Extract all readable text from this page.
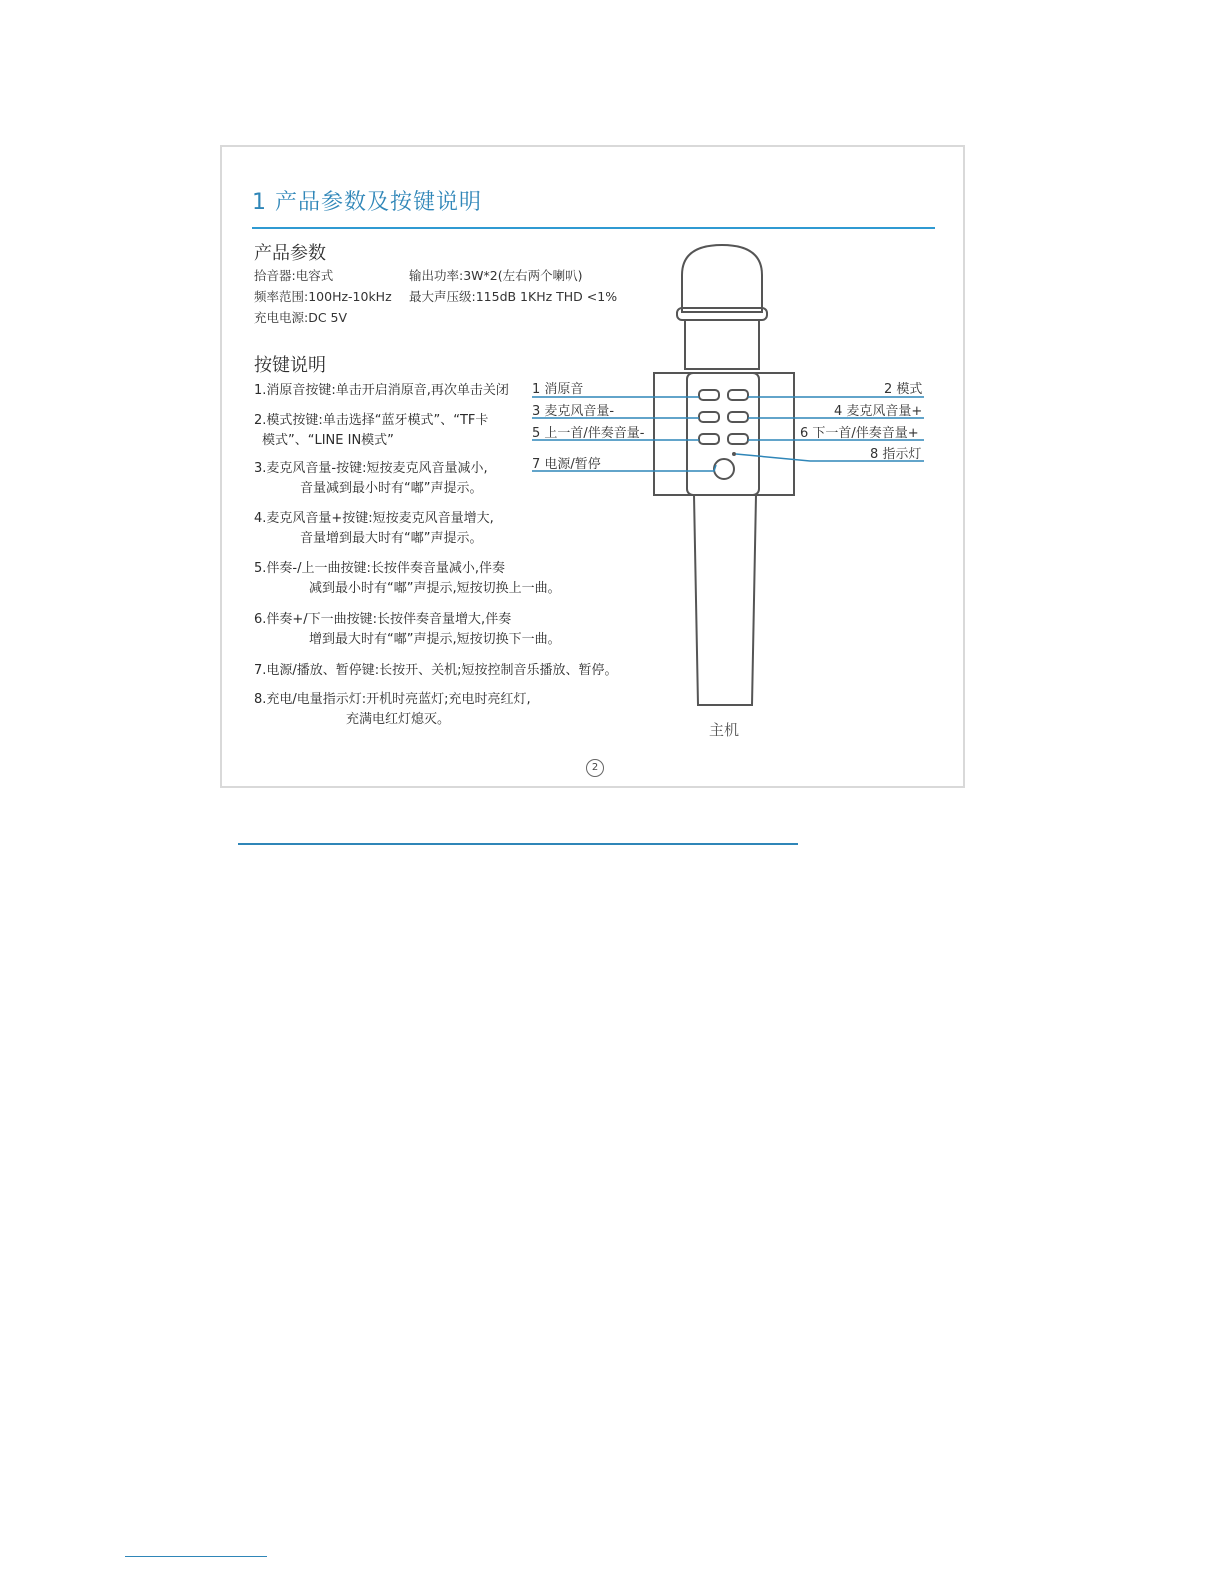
1 产品参数及按键说明
产品参数
拾音器:电容式	输出功率:3W*2(左右两个喇叭)
频率范围:100Hz-10kHz 最大声压级:115dB 1KHz THD <1%
充电电源:DC 5V
按键说明
1.消原音按键:单击开启消原音,再次单击关闭
2.模式按键:单击选择“蓝牙模式”、“TF卡
模式”、“LINE IN模式”
3.麦克风音量-按键:短按麦克风音量减小,
音量减到最小时有“嘟”声提示。
4.麦克风音量+按键:短按麦克风音量增大,
音量增到最大时有“嘟”声提示。
5.伴奏-/上一曲按键:长按伴奏音量减小,伴奏
减到最小时有“嘟”声提示,短按切换上一曲。
6.伴奏+/下一曲按键:长按伴奏音量增大,伴奏
增到最大时有“嘟”声提示,短按切换下一曲。
7.电源/播放、暂停键:长按开、关机;短按控制音乐播放、暂停。
8.充电/电量指示灯:开机时亮蓝灯;充电时亮红灯,
充满电红灯熄灭。
1 消原音	2 模式
3 麦克风音量-	4 麦克风音量+
5 上一首/伴奏音量-	6 下一首/伴奏音量+
7 电源/暂停
8 指示灯
主机
2
